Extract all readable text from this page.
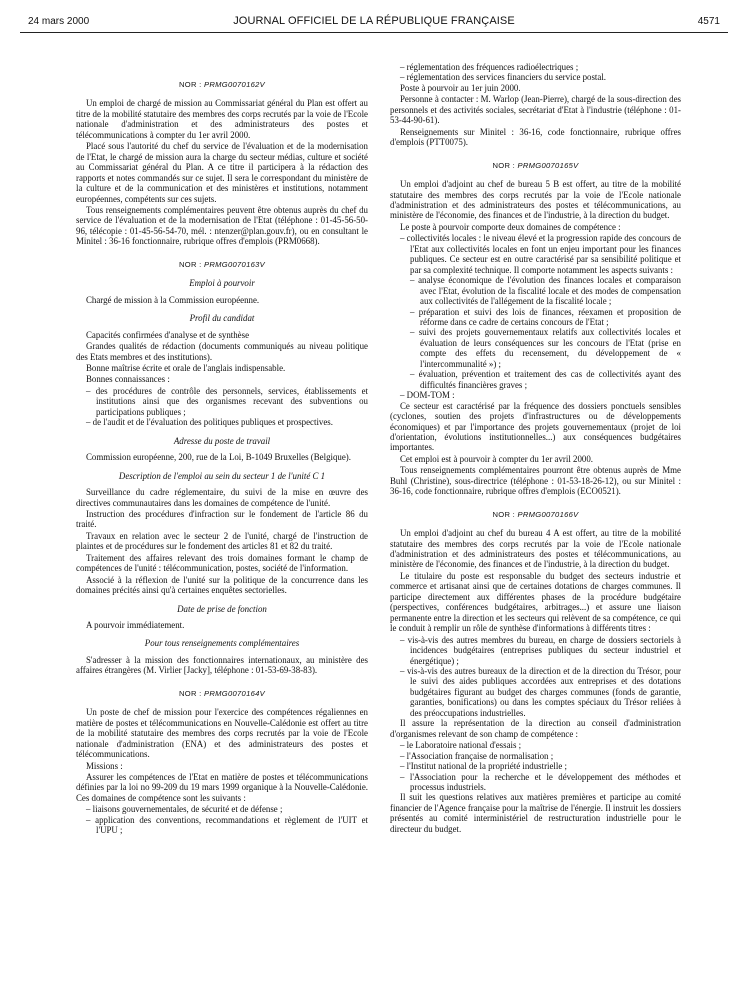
24 mars 2000	JOURNAL OFFICIEL DE LA RÉPUBLIQUE FRANÇAISE	4571
NOR : PRMG0070162V

Un emploi de chargé de mission au Commissariat général du Plan est offert au titre de la mobilité statutaire des membres des corps recrutés par la voie de l'Ecole nationale d'administration et des administrateurs des postes et télécommunications à compter du 1er avril 2000.

Placé sous l'autorité du chef du service de l'évaluation et de la modernisation de l'Etat, le chargé de mission aura la charge du secteur médias, culture et société au Commissariat général du Plan. A ce titre il participera à la rédaction des rapports et notes commandés sur ce sujet. Il sera le correspondant du ministère de la culture et de la communication et des ministères et institutions, notamment européennes, compétents sur ces sujets.

Tous renseignements complémentaires peuvent être obtenus auprès du chef du service de l'évaluation et de la modernisation de l'Etat (téléphone : 01-45-56-50-96, télécopie : 01-45-56-54-70, mél. : ntenzer@plan.gouv.fr), ou en consultant le Minitel : 36-16 fonctionnaire, rubrique offres d'emplois (PRM0668).

NOR : PRMG0070163V
Emploi à pourvoir

Chargé de mission à la Commission européenne.

Profil du candidat

Capacités confirmées d'analyse et de synthèse

Grandes qualités de rédaction (documents communiqués au niveau politique des Etats membres et des institutions).

Bonne maîtrise écrite et orale de l'anglais indispensable.

Bonnes connaissances :

– des procédures de contrôle des personnels, services, établissements et institutions ainsi que des organismes recevant des subventions ou participations publiques ;
– de l'audit et de l'évaluation des politiques publiques et prospectives.
Adresse du poste de travail

Commission européenne, 200, rue de la Loi, B-1049 Bruxelles (Belgique).

Description de l'emploi au sein du secteur 1 de l'unité C 1

Surveillance du cadre réglementaire, du suivi de la mise en œuvre des directives communautaires dans les domaines de compétence de l'unité.

Instruction des procédures d'infraction sur le fondement de l'article 86 du traité.

Travaux en relation avec le secteur 2 de l'unité, chargé de l'instruction de plaintes et de procédures sur le fondement des articles 81 et 82 du traité.

Traitement des affaires relevant des trois domaines formant le champ de compétences de l'unité : télécommunication, postes, société de l'information.

Associé à la réflexion de l'unité sur la politique de la concurrence dans les domaines précités ainsi qu'à certaines enquêtes sectorielles.

Date de prise de fonction

A pourvoir immédiatement.

Pour tous renseignements complémentaires

S'adresser à la mission des fonctionnaires internationaux, au ministère des affaires étrangères (M. Virlier [Jacky], téléphone : 01-53-69-38-83).

NOR : PRMG0070164V

Un poste de chef de mission pour l'exercice des compétences régaliennes en matière de postes et télécommunications en Nouvelle-Calédonie est offert au titre de la mobilité statutaire des membres des corps recrutés par la voie de l'Ecole nationale d'administration (ENA) et des administrateurs des postes et télécommunications.

Missions :

Assurer les compétences de l'Etat en matière de postes et télécommunications définies par la loi no 99-209 du 19 mars 1999 organique à la Nouvelle-Calédonie. Ces domaines de compétence sont les suivants :

– liaisons gouvernementales, de sécurité et de défense ;
– application des conventions, recommandations et règlement de l'UIT et l'UPU ;
– réglementation des fréquences radioélectriques ;
– réglementation des services financiers du service postal.

Poste à pourvoir au 1er juin 2000.

Personne à contacter : M. Warlop (Jean-Pierre), chargé de la sous-direction des personnels et des activités sociales, secrétariat d'Etat à l'industrie (téléphone : 01-53-44-90-61).

Renseignements sur Minitel : 36-16, code fonctionnaire, rubrique offres d'emplois (PTT0075).

NOR : PRMG0070165V

Un emploi d'adjoint au chef de bureau 5 B est offert, au titre de la mobilité statutaire des membres des corps recrutés par la voie de l'Ecole nationale d'administration et des administrateurs des postes et télécommunications, au ministère de l'économie, des finances et de l'industrie, à la direction du budget.

Le poste à pourvoir comporte deux domaines de compétence :

– collectivités locales : le niveau élevé et la progression rapide des concours de l'Etat aux collectivités locales en font un enjeu important pour les finances publiques. Ce secteur est en outre caractérisé par sa sensibilité politique et par sa complexité technique. Il comporte notamment les aspects suivants :
– analyse économique de l'évolution des finances locales et comparaison avec l'Etat, évolution de la fiscalité locale et des modes de compensation aux collectivités de l'allégement de la fiscalité locale ;
– préparation et suivi des lois de finances, réexamen et proposition de réforme dans ce cadre de certains concours de l'Etat ;
– suivi des projets gouvernementaux relatifs aux collectivités locales et évaluation de leurs conséquences sur les concours de l'Etat (prise en compte des effets du recensement, du développement de « l'intercommunalité ») ;
– évaluation, prévention et traitement des cas de collectivités ayant des difficultés financières graves ;
– DOM-TOM :

Ce secteur est caractérisé par la fréquence des dossiers ponctuels sensibles (cyclones, soutien des projets d'infrastructures ou de développements économiques) et par l'importance des projets gouvernementaux (projet de loi d'orientation, évolutions institutionnelles...) aux conséquences budgétaires importantes.

Cet emploi est à pourvoir à compter du 1er avril 2000.

Tous renseignements complémentaires pourront être obtenus auprès de Mme Buhl (Christine), sous-directrice (téléphone : 01-53-18-26-12), ou sur Minitel : 36-16, code fonctionnaire, rubrique offres d'emplois (ECO0521).

NOR : PRMG0070166V

Un emploi d'adjoint au chef du bureau 4 A est offert, au titre de la mobilité statutaire des membres des corps recrutés par la voie de l'Ecole nationale d'administration et des administrateurs des postes et télécommunications, au ministère de l'économie, des finances et de l'industrie, à la direction du budget.

Le titulaire du poste est responsable du budget des secteurs industrie et commerce et artisanat ainsi que de certaines dotations de charges communes. Il participe directement aux différentes phases de la procédure budgétaire (perspectives, conférences budgétaires, arbitrages...) et assure une liaison permanente entre la direction et les secteurs qui relèvent de sa compétence, ce qui le conduit à remplir un rôle de synthèse d'informations à différents titres :

– vis-à-vis des autres membres du bureau, en charge de dossiers sectoriels à incidences budgétaires (entreprises publiques du secteur industriel et énergétique) ;
– vis-à-vis des autres bureaux de la direction et de la direction du Trésor, pour le suivi des aides publiques accordées aux entreprises et des dotations budgétaires figurant au budget des charges communes (fonds de garantie, garanties, bonifications) ou dans les comptes spéciaux du Trésor reliées à des préoccupations industrielles.

Il assure la représentation de la direction au conseil d'administration d'organismes relevant de son champ de compétence :

– le Laboratoire national d'essais ;
– l'Association française de normalisation ;
– l'Institut national de la propriété industrielle ;
– l'Association pour la recherche et le développement des méthodes et processus industriels.

Il suit les questions relatives aux matières premières et participe au comité financier de l'Agence française pour la maîtrise de l'énergie. Il instruit les dossiers présentés au comité interministériel de restructuration industrielle pour le directeur du budget.
